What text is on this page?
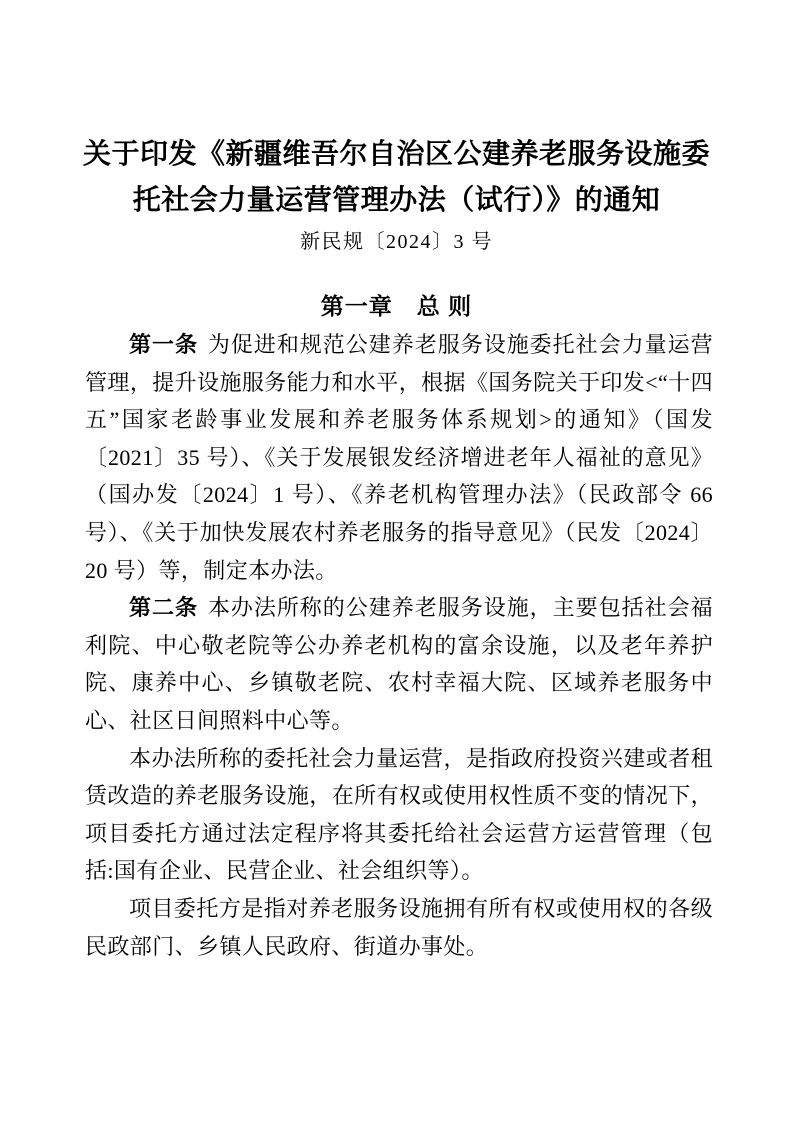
关于印发《新疆维吾尔自治区公建养老服务设施委托社会力量运营管理办法（试行）》的通知
新民规〔2024〕3 号
第一章　总 则

第一条 为促进和规范公建养老服务设施委托社会力量运营管理，提升设施服务能力和水平，根据《国务院关于印发<“十四五”国家老龄事业发展和养老服务体系规划>的通知》（国发〔2021〕35 号）、《关于发展银发经济增进老年人福祉的意见》（国办发〔2024〕1 号）、《养老机构管理办法》（民政部令 66 号）、《关于加快发展农村养老服务的指导意见》（民发〔2024〕20 号）等，制定本办法。

第二条 本办法所称的公建养老服务设施，主要包括社会福利院、中心敬老院等公办养老机构的富余设施，以及老年养护院、康养中心、乡镇敬老院、农村幸福大院、区域养老服务中心、社区日间照料中心等。

本办法所称的委托社会力量运营，是指政府投资兴建或者租赁改造的养老服务设施，在所有权或使用权性质不变的情况下，项目委托方通过法定程序将其委托给社会运营方运营管理（包括:国有企业、民营企业、社会组织等）。

项目委托方是指对养老服务设施拥有所有权或使用权的各级民政部门、乡镇人民政府、街道办事处。
